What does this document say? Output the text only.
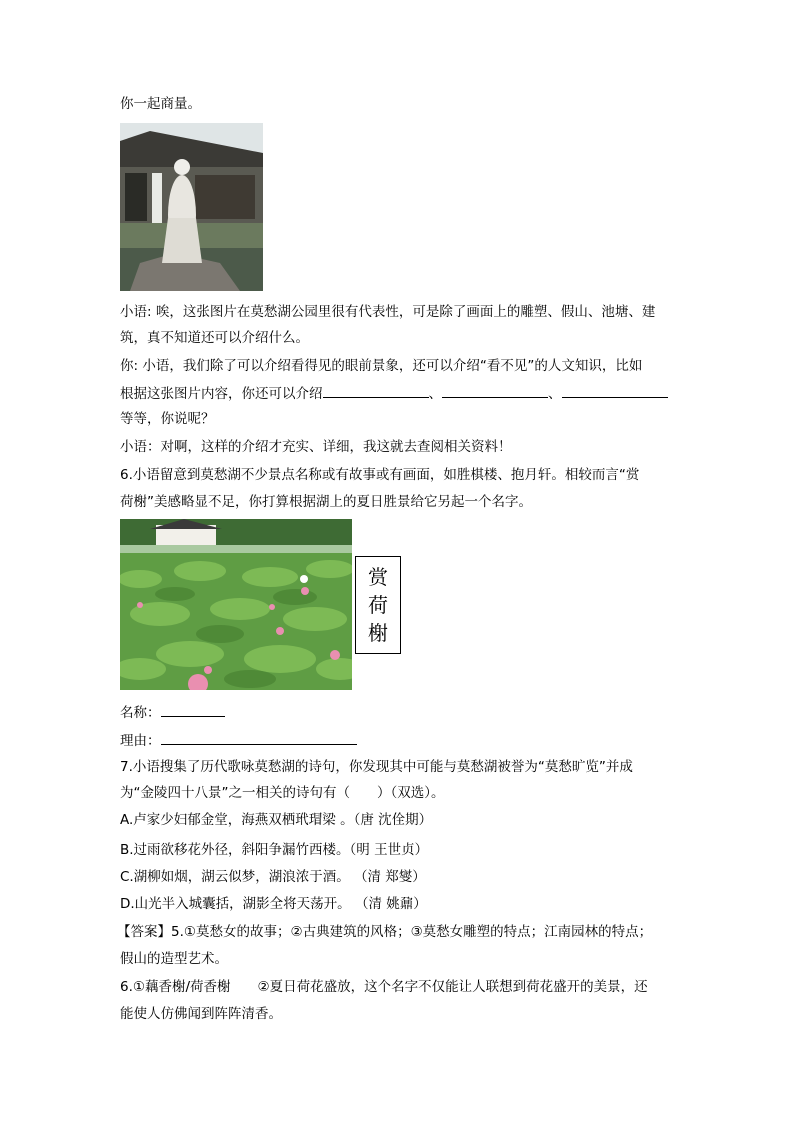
你一起商量。
小语: 唉，这张图片在莫愁湖公园里很有代表性，可是除了画面上的雕塑、假山、池塘、建
筑，真不知道还可以介绍什么。
你: 小语，我们除了可以介绍看得见的眼前景象，还可以介绍“看不见”的人文知识，比如
根据这张图片内容，你还可以介绍	、	、
等等，你说呢？
小语：对啊，这样的介绍才充实、详细，我这就去查阅相关资料！
6.小语留意到莫愁湖不少景点名称或有故事或有画面，如胜棋楼、抱月轩。相较而言“赏
荷榭”美感略显不足，你打算根据湖上的夏日胜景给它另起一个名字。
赏
荷
榭
名称：
理由：
7.小语搜集了历代歌咏莫愁湖的诗句，你发现其中可能与莫愁湖被誉为“莫愁旷览”并成
为“金陵四十八景”之一相关的诗句有（　　）（双选）。
A.卢家少妇郁金堂，海燕双栖玳瑁梁 。（唐 沈佺期）
B.过雨欲移花外径，斜阳争漏竹西楼。（明 王世贞）
C.湖柳如烟，湖云似梦，湖浪浓于酒。 （清 郑燮）
D.山光半入城囊括，湖影全将天荡开。 （清 姚鼐）
【答案】5.①莫愁女的故事；②古典建筑的风格；③莫愁女雕塑的特点；江南园林的特点；
假山的造型艺术。
6.①藕香榭/荷香榭　　②夏日荷花盛放，这个名字不仅能让人联想到荷花盛开的美景，还
能使人仿佛闻到阵阵清香。
